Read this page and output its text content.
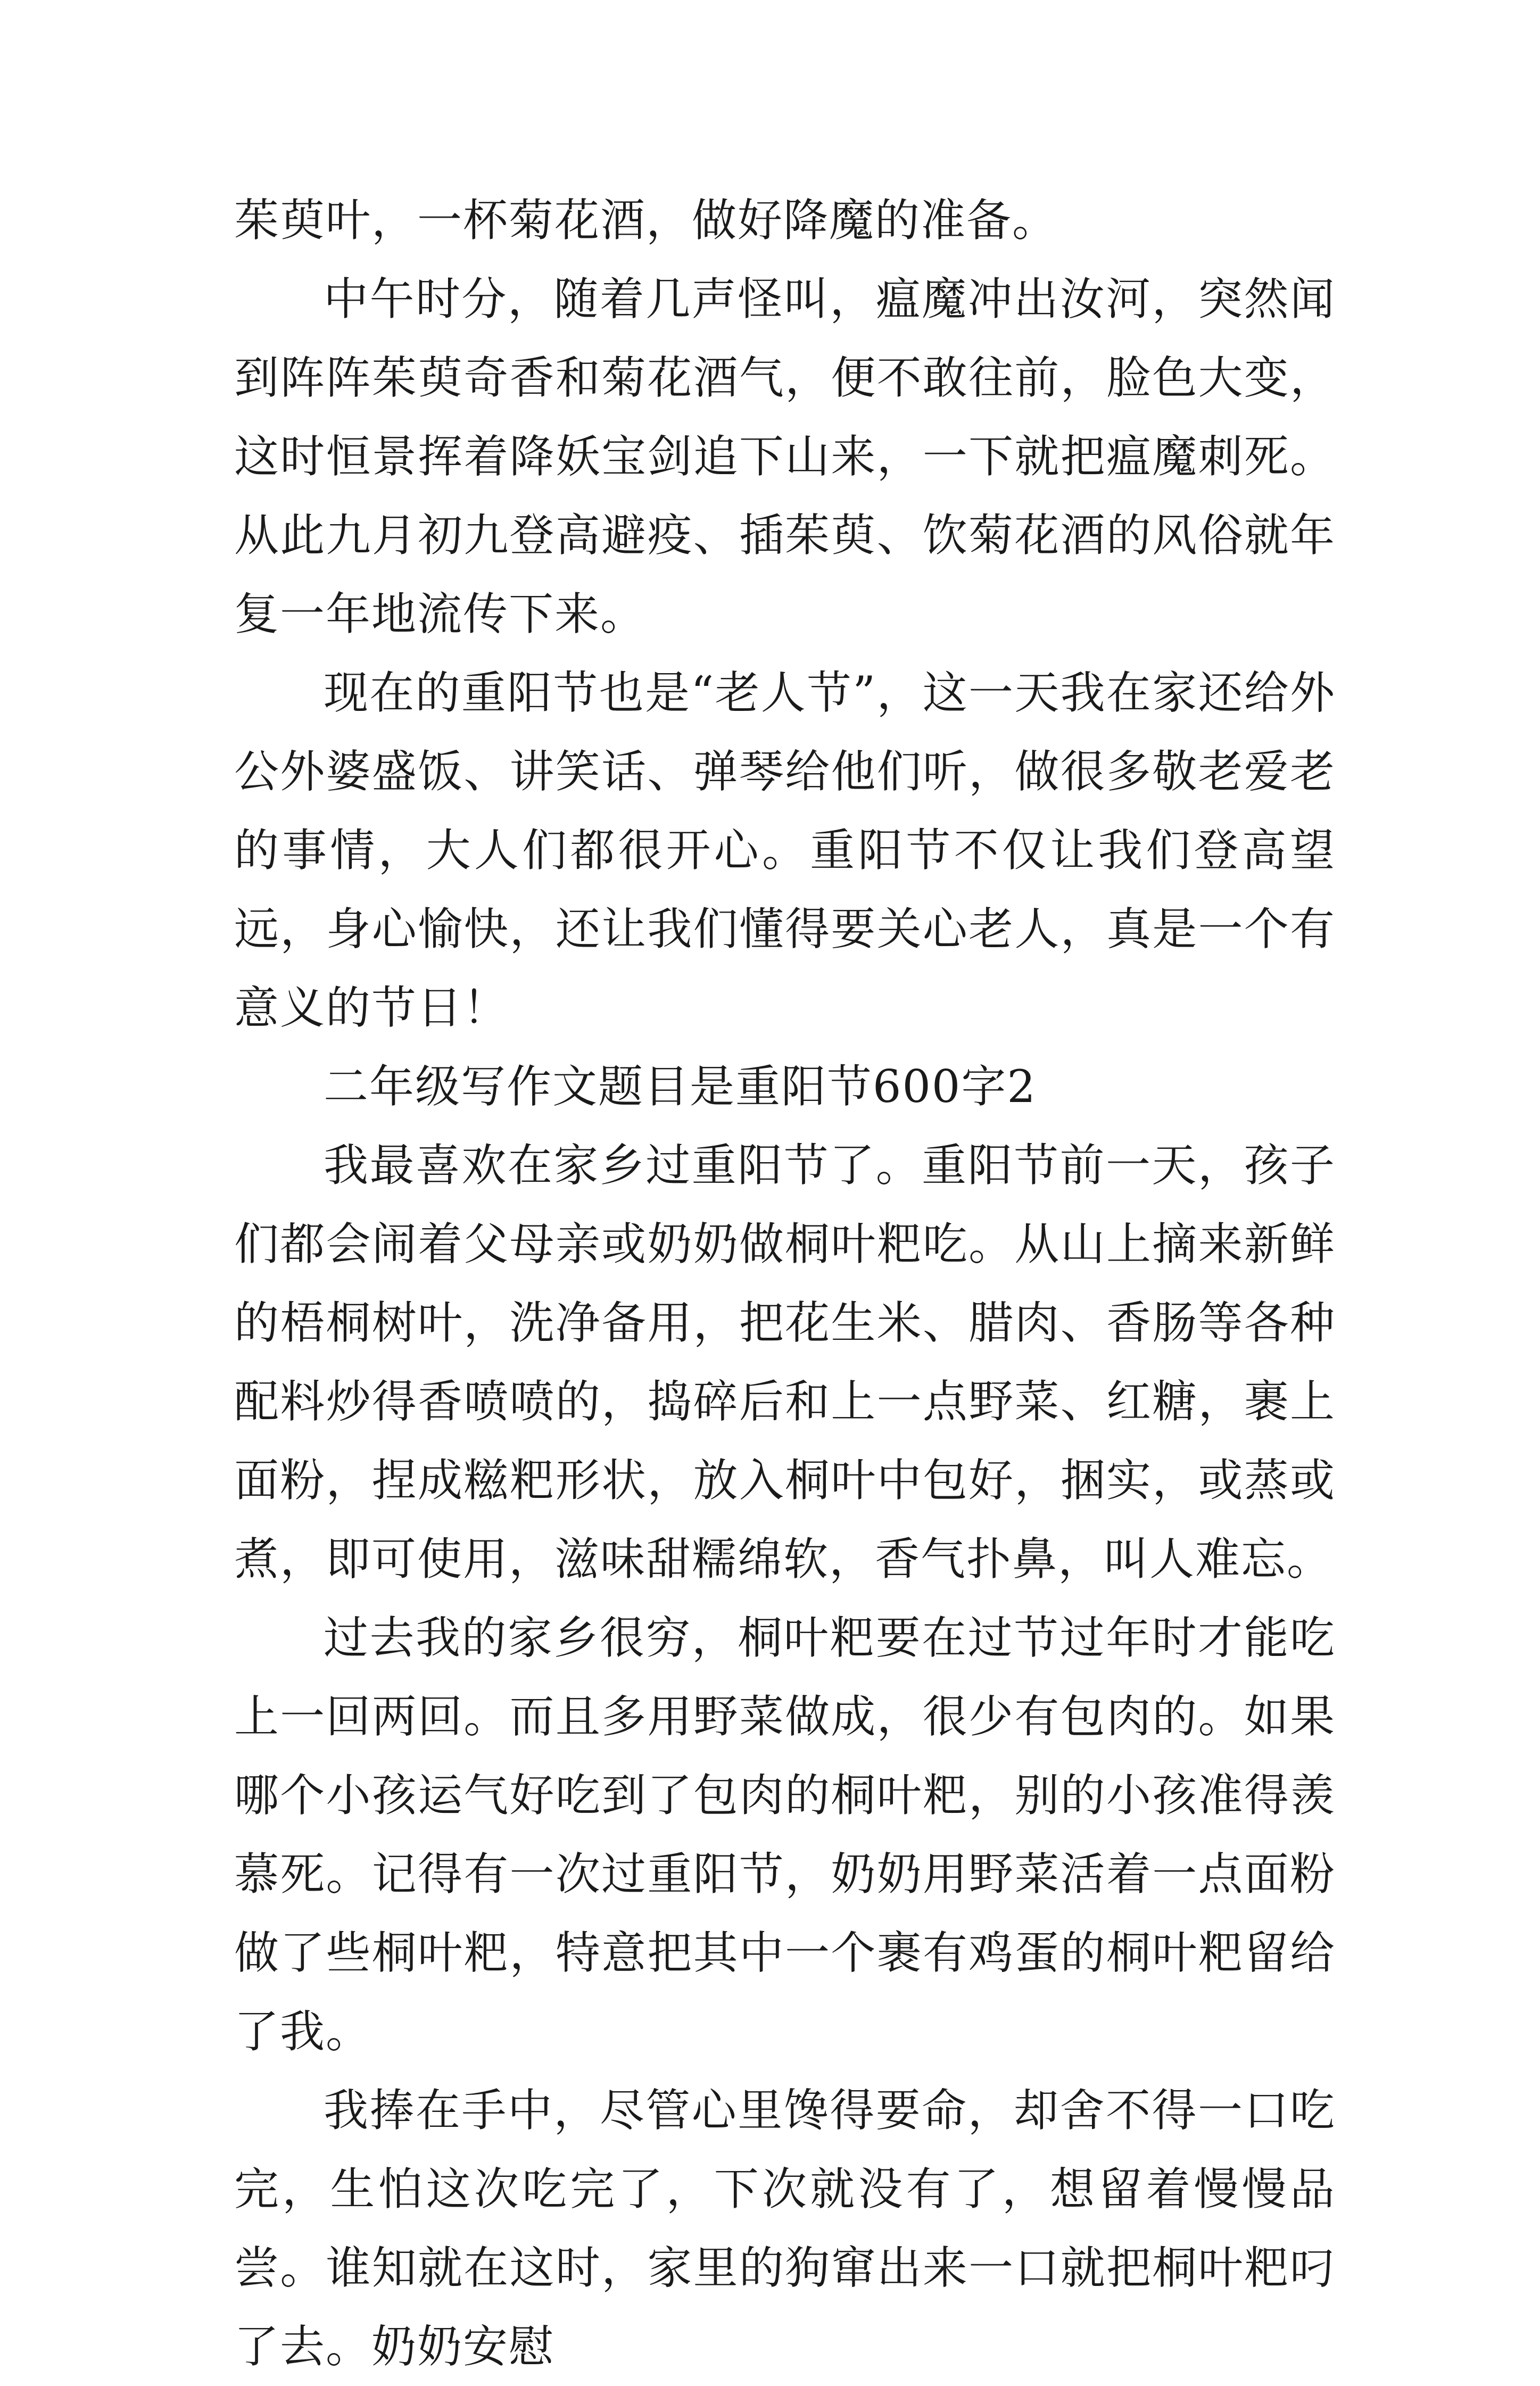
茱萸叶，一杯菊花酒，做好降魔的准备。

中午时分，随着几声怪叫，瘟魔冲出汝河，突然闻到阵阵茱萸奇香和菊花酒气，便不敢往前，脸色大变，这时恒景挥着降妖宝剑追下山来，一下就把瘟魔刺死。从此九月初九登高避疫、插茱萸、饮菊花酒的风俗就年复一年地流传下来。

现在的重阳节也是“老人节”，这一天我在家还给外公外婆盛饭、讲笑话、弹琴给他们听，做很多敬老爱老的事情，大人们都很开心。重阳节不仅让我们登高望远，身心愉快，还让我们懂得要关心老人，真是一个有意义的节日！

二年级写作文题目是重阳节600字2

我最喜欢在家乡过重阳节了。重阳节前一天，孩子们都会闹着父母亲或奶奶做桐叶粑吃。从山上摘来新鲜的梧桐树叶，洗净备用，把花生米、腊肉、香肠等各种配料炒得香喷喷的，捣碎后和上一点野菜、红糖，裹上面粉，捏成糍粑形状，放入桐叶中包好，捆实，或蒸或煮，即可使用，滋味甜糯绵软，香气扑鼻，叫人难忘。

过去我的家乡很穷，桐叶粑要在过节过年时才能吃上一回两回。而且多用野菜做成，很少有包肉的。如果哪个小孩运气好吃到了包肉的桐叶粑，别的小孩准得羡慕死。记得有一次过重阳节，奶奶用野菜活着一点面粉做了些桐叶粑，特意把其中一个裹有鸡蛋的桐叶粑留给了我。

我捧在手中，尽管心里馋得要命，却舍不得一口吃完，生怕这次吃完了，下次就没有了，想留着慢慢品尝。谁知就在这时，家里的狗窜出来一口就把桐叶粑叼了去。奶奶安慰
